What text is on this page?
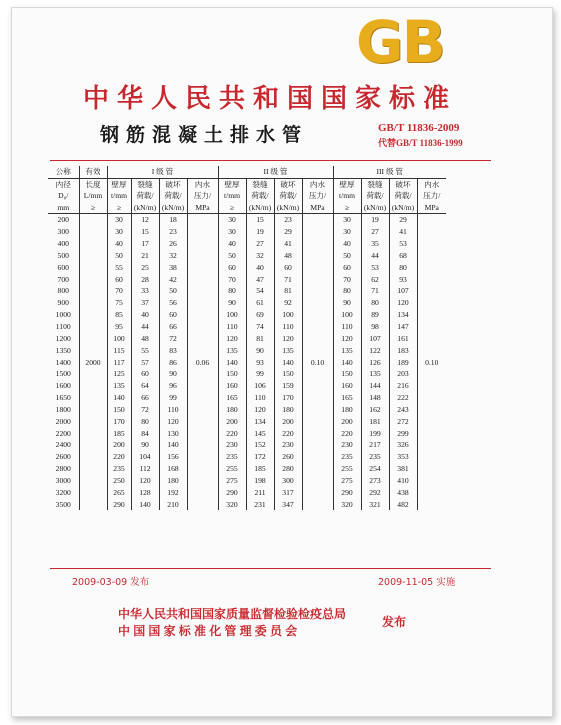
GB
中华人民共和国国家标准
钢筋混凝土排水管	GB/T 11836-2009
代替GB/T 11836-1999
公称	有效	I 级 管				II 级 管				III 级 管			
内径	长度	壁厚	裂缝	破坏	内水	壁厚	裂缝	破坏	内水	壁厚	裂缝	破坏	内水
D₀/	L/mm	t/mm	荷载/	荷载/	压力/	t/mm	荷载/	荷载/	压力/	t/mm	荷载/	荷载/	压力/
mm	≥	≥	(kN/m)	(kN/m)	MPa	≥	(kN/m)	(kN/m)	MPa	≥	(kN/m)	(kN/m)	MPa
200		30	12	18		30	15	23		30	19	29	
300		30	15	23		30	19	29		30	27	41	
400		40	17	26		40	27	41		40	35	53	
500		50	21	32		50	32	48		50	44	68	
600		55	25	38		60	40	60		60	53	80	
700		60	28	42		70	47	71		70	62	93	
800		70	33	50		80	54	81		80	71	107	
900		75	37	56		90	61	92		90	80	120	
1000		85	40	60		100	69	100		100	89	134	
1100		95	44	66		110	74	110		110	98	147	
1200		100	48	72		120	81	120		120	107	161	
1350		115	55	83		135	90	135		135	122	183	
1400	2000	117	57	86	0.06	140	93	140	0.10	140	126	189	0.10
1500		125	60	90		150	99	150		150	135	203	
1600		135	64	96		160	106	159		160	144	216	
1650		140	66	99		165	110	170		165	148	222	
1800		150	72	110		180	120	180		180	162	243	
2000		170	80	120		200	134	200		200	181	272	
2200		185	84	130		220	145	220		220	199	299	
2400		200	90	140		230	152	230		230	217	326	
2600		220	104	156		235	172	260		235	235	353	
2800		235	112	168		255	185	280		255	254	381	
3000		250	120	180		275	198	300		275	273	410	
3200		265	128	192		290	211	317		290	292	438	
3500		290	140	210		320	231	347		320	321	482	
2009-03-09 发布	2009-11-05 实施
中华人民共和国国家质量监督检验检疫总局
中国国家标准化管理委员会
发布
